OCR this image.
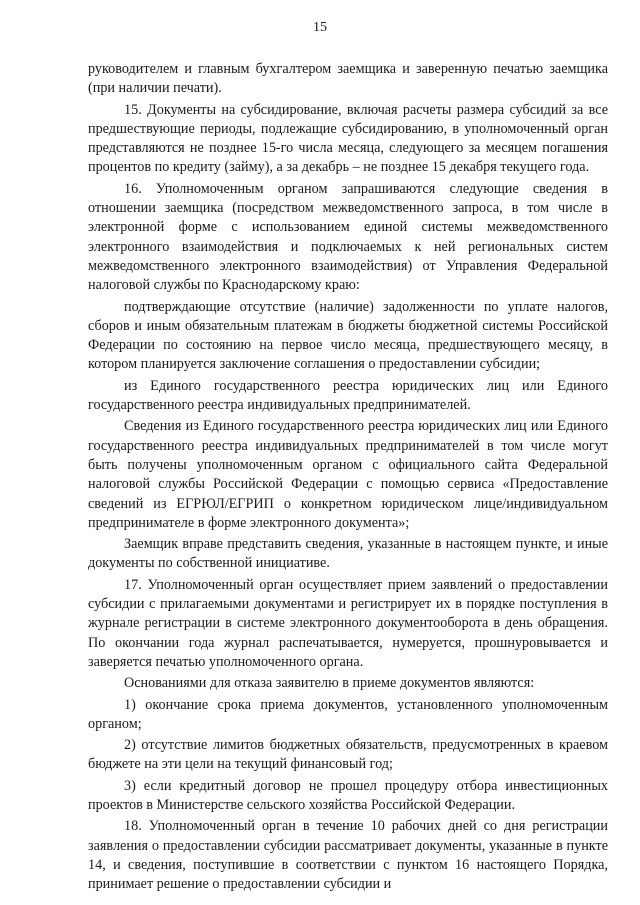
15

руководителем и главным бухгалтером заемщика и заверенную печатью заемщика (при наличии печати).

15. Документы на субсидирование, включая расчеты размера субсидий за все предшествующие периоды, подлежащие субсидированию, в уполномоченный орган представляются не позднее 15-го числа месяца, следующего за месяцем погашения процентов по кредиту (займу), а за декабрь – не позднее 15 декабря текущего года.

16. Уполномоченным органом запрашиваются следующие сведения в отношении заемщика (посредством межведомственного запроса, в том числе в электронной форме с использованием единой системы межведомственного электронного взаимодействия и подключаемых к ней региональных систем межведомственного электронного взаимодействия) от Управления Федеральной налоговой службы по Краснодарскому краю:

подтверждающие отсутствие (наличие) задолженности по уплате налогов, сборов и иным обязательным платежам в бюджеты бюджетной системы Российской Федерации по состоянию на первое число месяца, предшествующего месяцу, в котором планируется заключение соглашения о предоставлении субсидии;

из Единого государственного реестра юридических лиц или Единого государственного реестра индивидуальных предпринимателей.

Сведения из Единого государственного реестра юридических лиц или Единого государственного реестра индивидуальных предпринимателей в том числе могут быть получены уполномоченным органом с официального сайта Федеральной налоговой службы Российской Федерации с помощью сервиса «Предоставление сведений из ЕГРЮЛ/ЕГРИП о конкретном юридическом лице/индивидуальном предпринимателе в форме электронного документа»;

Заемщик вправе представить сведения, указанные в настоящем пункте, и иные документы по собственной инициативе.

17. Уполномоченный орган осуществляет прием заявлений о предоставлении субсидии с прилагаемыми документами и регистрирует их в порядке поступления в журнале регистрации в системе электронного документооборота в день обращения. По окончании года журнал распечатывается, нумеруется, прошнуровывается и заверяется печатью уполномоченного органа.

Основаниями для отказа заявителю в приеме документов являются:

1) окончание срока приема документов, установленного уполномоченным органом;

2) отсутствие лимитов бюджетных обязательств, предусмотренных в краевом бюджете на эти цели на текущий финансовый год;

3) если кредитный договор не прошел процедуру отбора инвестиционных проектов в Министерстве сельского хозяйства Российской Федерации.

18. Уполномоченный орган в течение 10 рабочих дней со дня регистрации заявления о предоставлении субсидии рассматривает документы, указанные в пункте 14, и сведения, поступившие в соответствии с пунктом 16 настоящего Порядка, принимает решение о предоставлении субсидии и
